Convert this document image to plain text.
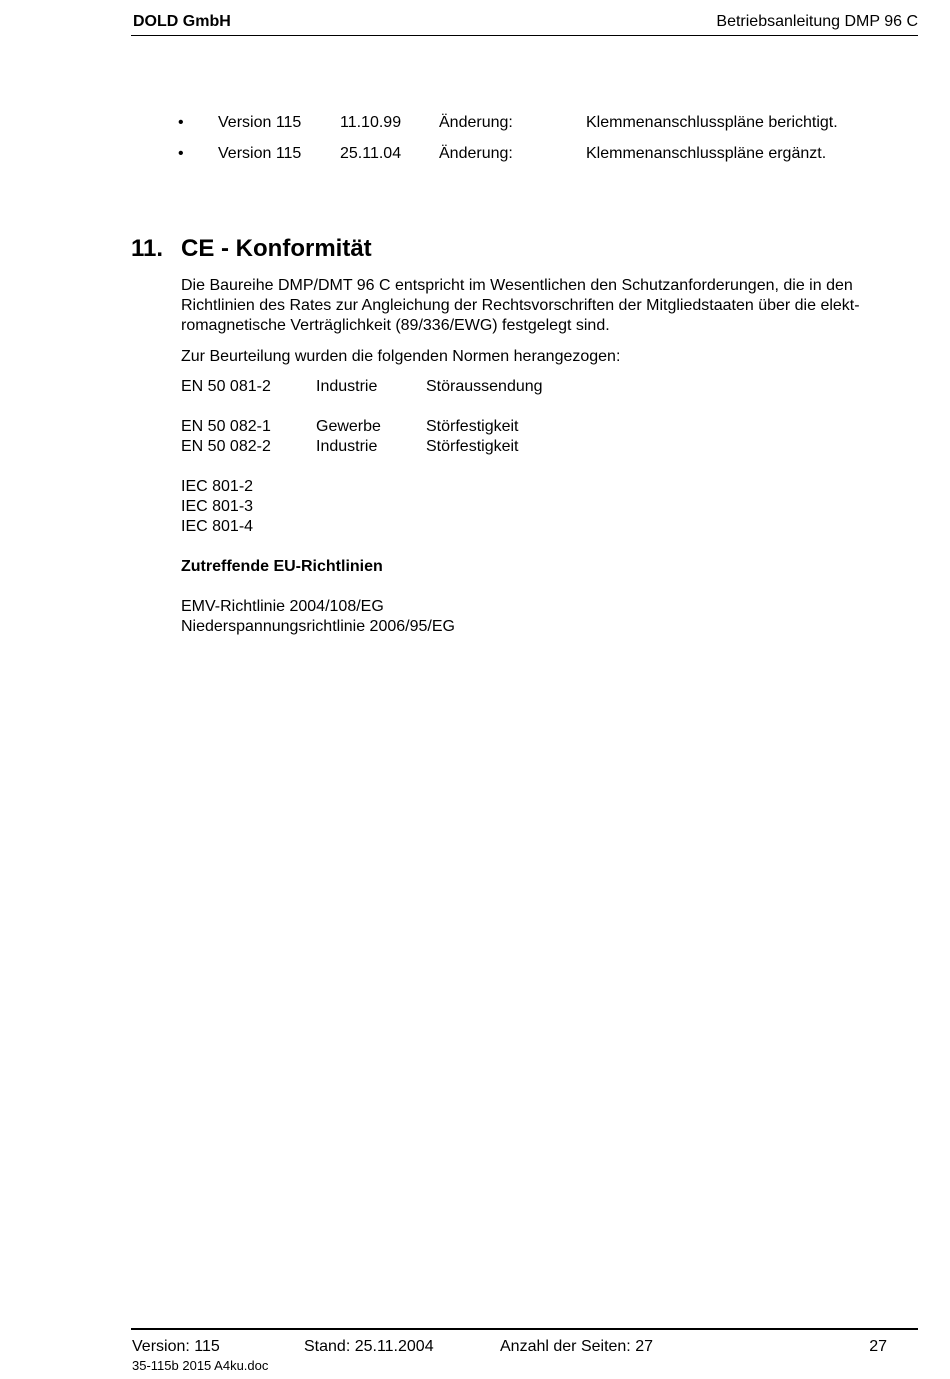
DOLD GmbH	Betriebsanleitung DMP 96 C
• Version 115 11.10.99 Änderung:	Klemmenanschlusspläne berichtigt.
• Version 115 25.11.04 Änderung:	Klemmenanschlusspläne ergänzt.
11. CE - Konformität
Die Baureihe DMP/DMT 96 C entspricht im Wesentlichen den Schutzanforderungen, die in den Richtlinien des Rates zur Angleichung der Rechtsvorschriften der Mitgliedstaaten über die elekt-romagnetische Verträglichkeit (89/336/EWG) festgelegt sind.
Zur Beurteilung wurden die folgenden Normen herangezogen:
EN 50 081-2	Industrie	Störaussendung
EN 50 082-1	Gewerbe	Störfestigkeit
EN 50 082-2	Industrie	Störfestigkeit
IEC 801-2
IEC 801-3
IEC 801-4
Zutreffende EU-Richtlinien
EMV-Richtlinie 2004/108/EG
Niederspannungsrichtlinie 2006/95/EG
Version: 115	Stand: 25.11.2004	Anzahl der Seiten: 27	27
35-115b 2015 A4ku.doc
